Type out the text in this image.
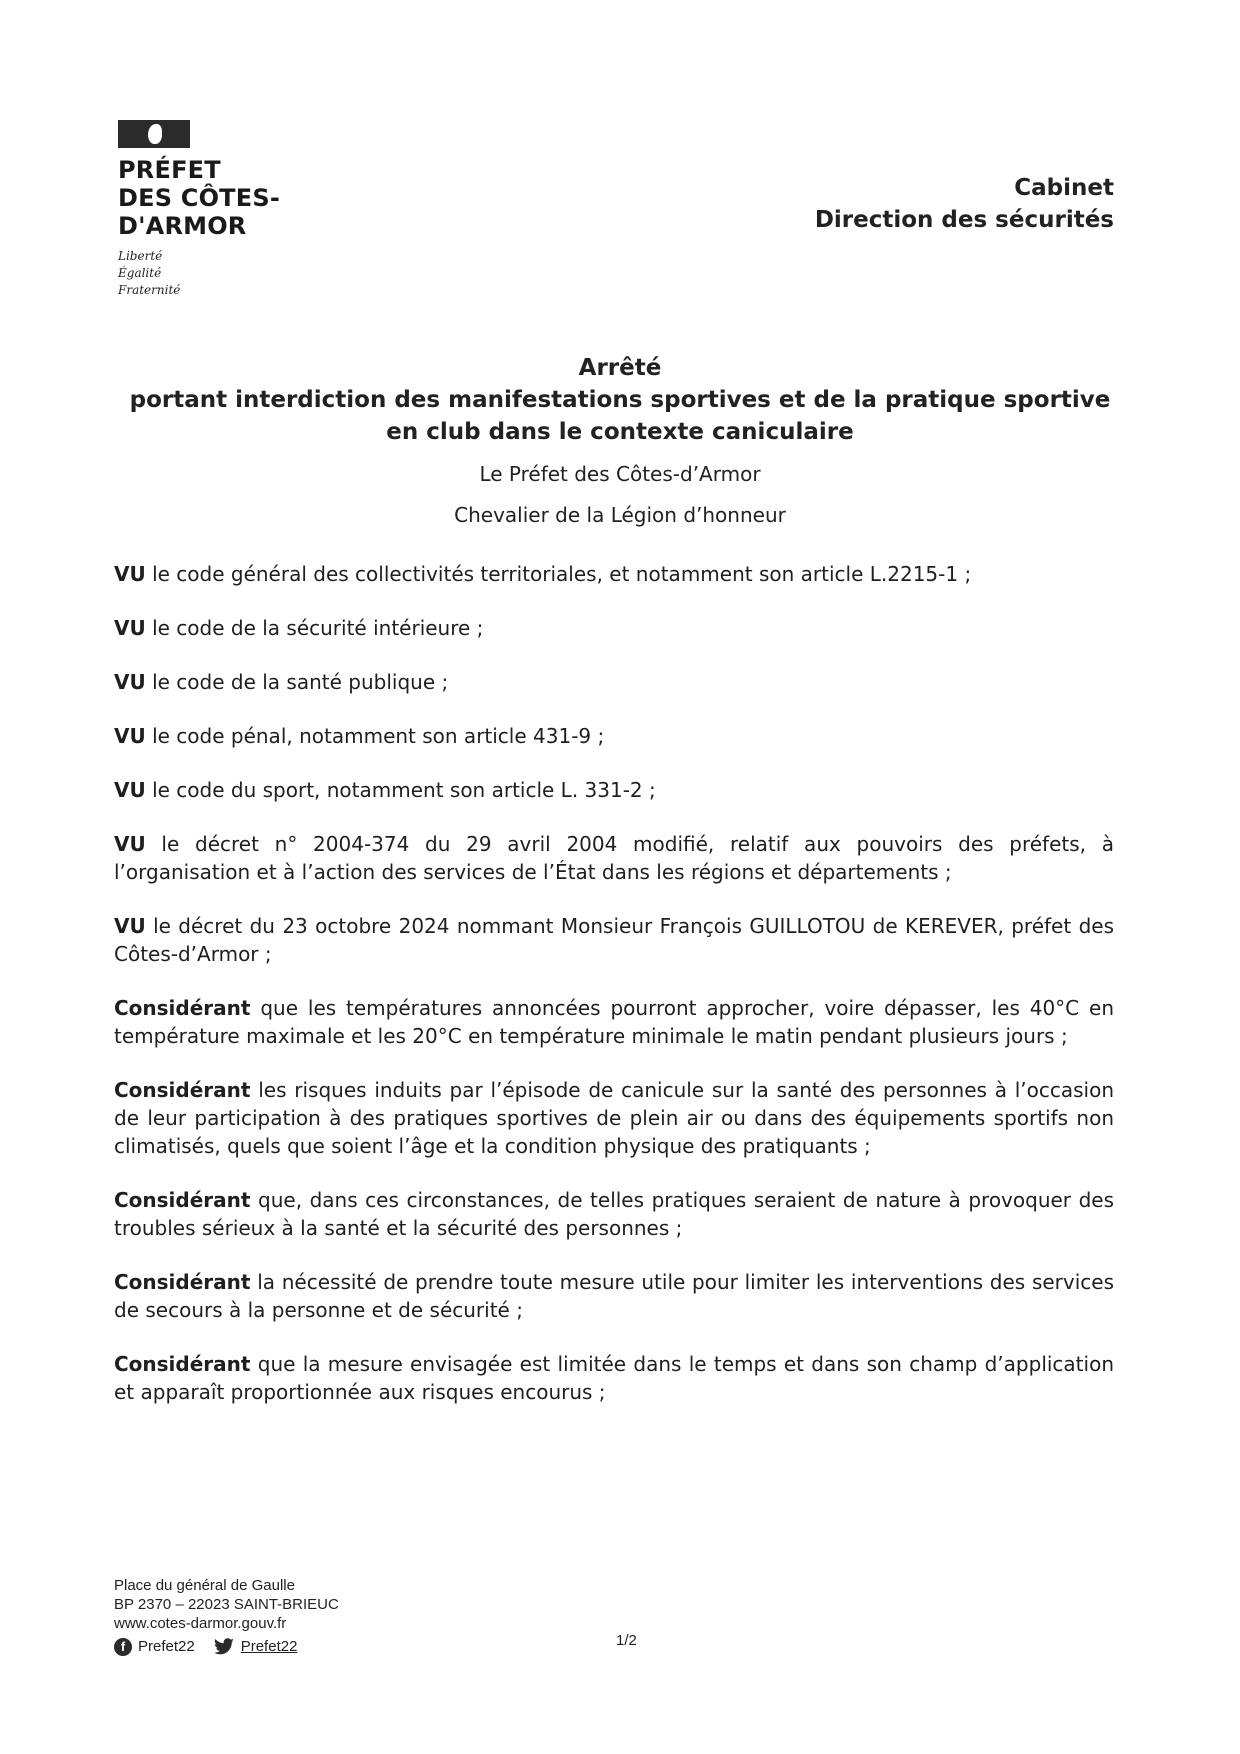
PRÉFET
DES CÔTES-
D'ARMOR
Liberté
Égalité
Fraternité
Cabinet
Direction des sécurités
Arrêté
portant interdiction des manifestations sportives et de la pratique sportive
en club dans le contexte caniculaire
Le Préfet des Côtes-d’Armor
Chevalier de la Légion d’honneur

VU le code général des collectivités territoriales, et notamment son article L.2215-1 ;

VU le code de la sécurité intérieure ;

VU le code de la santé publique ;

VU le code pénal, notamment son article 431-9 ;

VU le code du sport, notamment son article L. 331-2 ;

VU le décret n° 2004-374 du 29 avril 2004 modifié, relatif aux pouvoirs des préfets, à l’organisation et à l’action des services de l’État dans les régions et départements ;

VU le décret du 23 octobre 2024 nommant Monsieur François GUILLOTOU de KEREVER, préfet des Côtes-d’Armor ;

Considérant que les températures annoncées pourront approcher, voire dépasser, les 40°C en température maximale et les 20°C en température minimale le matin pendant plusieurs jours ;

Considérant les risques induits par l’épisode de canicule sur la santé des personnes à l’occasion de leur participation à des pratiques sportives de plein air ou dans des équipements sportifs non climatisés, quels que soient l’âge et la condition physique des pratiquants ;

Considérant que, dans ces circonstances, de telles pratiques seraient de nature à provoquer des troubles sérieux à la santé et la sécurité des personnes ;

Considérant la nécessité de prendre toute mesure utile pour limiter les interventions des services de secours à la personne et de sécurité ;

Considérant que la mesure envisagée est limitée dans le temps et dans son champ d’application et apparaît proportionnée aux risques encourus ;

Place du général de Gaulle
BP 2370 – 22023 SAINT-BRIEUC
www.cotes-darmor.gouv.fr
f Prefet22	Prefet22	1/2
